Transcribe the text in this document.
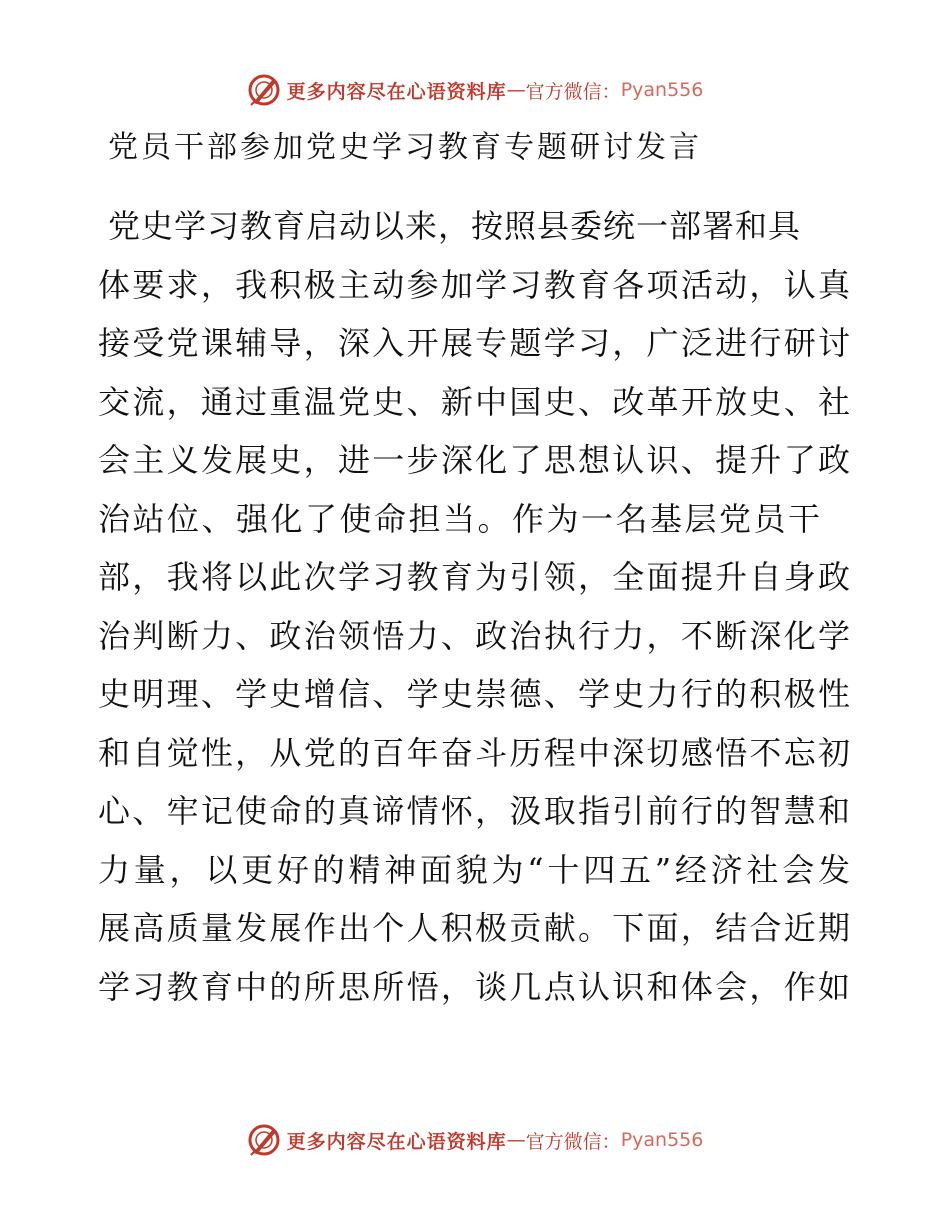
更多内容尽在心语资料库 — 官方微信： Pyan556
党员干部参加党史学习教育专题研讨发言
党史学习教育启动以来，按照县委统一部署和具
体要求，我积极主动参加学习教育各项活动，认真
接受党课辅导，深入开展专题学习，广泛进行研讨
交流，通过重温党史、新中国史、改革开放史、社
会主义发展史，进一步深化了思想认识、提升了政
治站位、强化了使命担当。作为一名基层党员干
部，我将以此次学习教育为引领，全面提升自身政
治判断力、政治领悟力、政治执行力，不断深化学
史明理、学史增信、学史崇德、学史力行的积极性
和自觉性，从党的百年奋斗历程中深切感悟不忘初
心、牢记使命的真谛情怀，汲取指引前行的智慧和
力量，以更好的精神面貌为“十四五”经济社会发
展高质量发展作出个人积极贡献。下面，结合近期
学习教育中的所思所悟，谈几点认识和体会，作如
更多内容尽在心语资料库 — 官方微信： Pyan556
